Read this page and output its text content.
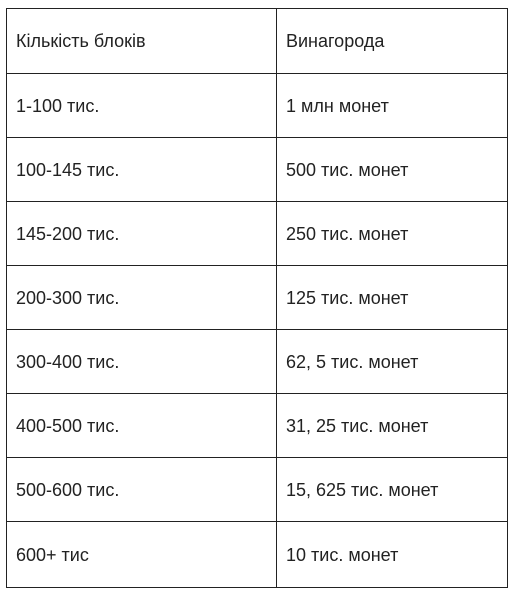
Кількість блоків	Винагорода
1-100 тис.	1 млн монет
100-145 тис.	500 тис. монет
145-200 тис.	250 тис. монет
200-300 тис.	125 тис. монет
300-400 тис.	62, 5 тис. монет
400-500 тис.	31, 25 тис. монет
500-600 тис.	15, 625 тис. монет
600+ тис	10 тис. монет
